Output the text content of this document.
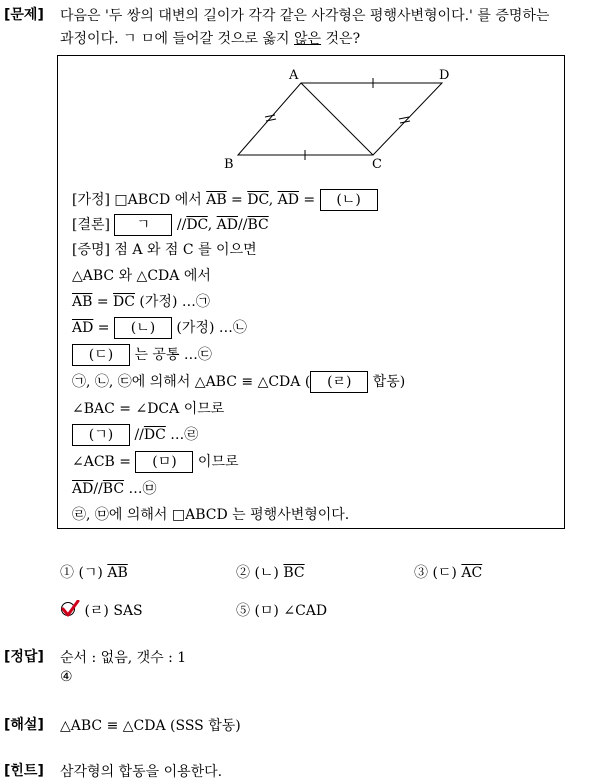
[문제] 다음은 '두 쌍의 대변의 길이가 각각 같은 사각형은 평행사변형이다.' 를 증명하는
과정이다. ㄱ ㅁ에 들어갈 것으로 옳지 않은 것은?
A	D
B	C
[가정] □ABCD 에서 $\overline{AB} = \overline{DC}$, $\overline{AD}$ = (ㄴ)
[결론] ㄱ $//\overline{DC}$, $\overline{AD}//\overline{BC}$
[증명] 점 A 와 점 C 를 이으면
△ABC 와 △CDA 에서
$\overline{AB} = \overline{DC}$ (가정) …㉠
$\overline{AD}$ = (ㄴ) (가정) …㉡
(ㄷ) 는 공통 …㉢
㉠, ㉡, ㉢에 의해서 △ABC ≡ △CDA ( (ㄹ) 합동)
∠BAC = ∠DCA 이므로
(ㄱ) $//\overline{DC}$ …㉣
∠ACB = (ㅁ) 이므로
$\overline{AD}//\overline{BC}$ …㉤
㉣, ㉤에 의해서 □ABCD 는 평행사변형이다.
① (ㄱ) $\overline{AB}$	② (ㄴ) $\overline{BC}$	③ (ㄷ) $\overline{AC}$
(ㄹ) SAS	⑤ (ㅁ) ∠CAD
[정답] 순서 : 없음, 갯수 : 1
④
[해설] △ABC ≡ △CDA (SSS 합동)
[힌트] 삼각형의 합동을 이용한다.
